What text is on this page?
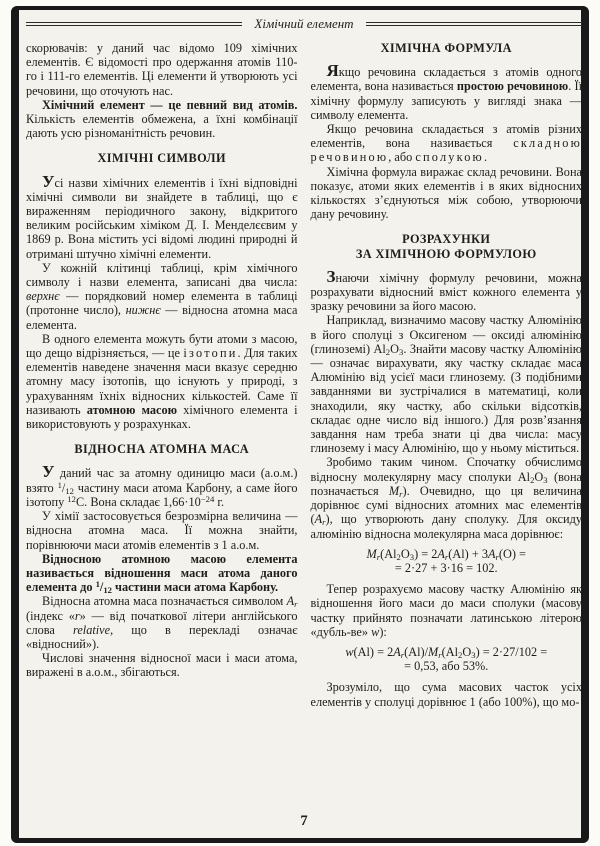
Хімічний елемент

скорювачів: у даний час відомо 109 хімічних елементів. Є відомості про одержання атомів 110-го і 111-го елементів. Ці елементи й утворюють усі речовини, що оточують нас.

Хімічний елемент — це певний вид атомів. Кількість елементів обмежена, а їхні комбінації дають усю різноманітність речовин.

ХІМІЧНІ СИМВОЛИ

Усі назви хімічних елементів і їхні відповідні хімічні символи ви знайдете в таблиці, що є вираженням періодичного закону, відкритого великим російським хіміком Д. І. Менделєєвим у 1869 р. Вона містить усі відомі людині природні й отримані штучно хімічні елементи.

У кожній клітинці таблиці, крім хімічного символу і назви елемента, записані два числа: верхнє — порядковий номер елемента в таблиці (протонне число), нижнє — відносна атомна маса елемента.

В одного елемента можуть бути атоми з масою, що дещо відрізняється, — це ізотопи. Для таких елементів наведене значення маси вказує середню атомну масу ізотопів, що існують у природі, з урахуванням їхніх відносних кількостей. Саме її називають атомною масою хімічного елемента і використовують у розрахунках.

ВІДНОСНА АТОМНА МАСА

У даний час за атомну одиницю маси (а.о.м.) взято $^1/_{12}$ частину маси атома Карбону, а саме його ізотопу $^{12}$C. Вона складає $1,66\cdot 10^{-24}$ г.

У хімії застосовується безрозмірна величина — відносна атомна маса. Її можна знайти, порівнюючи маси атомів елементів з 1 а.о.м.

Відносною атомною масою елемента називається відношення маси атома даного елемента до $^1/_{12}$ частини маси атома Карбону.

Відносна атомна маса позначається символом $A_r$ (індекс «r» — від початкової літери англійського слова relative, що в перекладі означає «відносний»).

Числові значення відносної маси і маси атома, виражені в а.о.м., збігаються.

ХІМІЧНА ФОРМУЛА

Якщо речовина складається з атомів одного елемента, вона називається простою речовиною. Її хімічну формулу записують у вигляді знака — символу елемента.

Якщо речовина складається з атомів різних елементів, вона називається складною речовиною, або сполукою.

Хімічна формула виражає склад речовини. Вона показує, атоми яких елементів і в яких відносних кількостях з’єднуються між собою, утворюючи дану речовину.

РОЗРАХУНКИ
ЗА ХІМІЧНОЮ ФОРМУЛОЮ

Знаючи хімічну формулу речовини, можна розрахувати відносний вміст кожного елемента у зразку речовини за його масою.

Наприклад, визначимо масову частку Алюмінію в його сполуці з Оксигеном — оксиді алюмінію (глиноземі) $Al_2O_3$. Знайти масову частку Алюмінію — означає вирахувати, яку частку складає маса Алюмінію від усієї маси глинозему. (З подібними завданнями ви зустрічалися в математиці, коли знаходили, яку частку, або скільки відсотків, складає одне число від іншого.) Для розв’язання завдання нам треба знати ці два числа: масу глинозему і масу Алюмінію, що у ньому міститься.

Зробимо таким чином. Спочатку обчислимо відносну молекулярну масу сполуки $Al_2O_3$ (вона позначається $M_r$). Очевидно, що ця величина дорівнює сумі відносних атомних мас елементів $(A_r)$, що утворюють дану сполуку. Для оксиду алюмінію відносна молекулярна маса дорівнює:

$M_r(Al_2O_3) = 2A_r(Al) + 3A_r(O)$ =
= 2·27 + 3·16 = 102.

Тепер розрахуємо масову частку Алюмінію як відношення його маси до маси сполуки (масову частку прийнято позначати латинською літерою «дубль-ве» w):

$w(Al) = 2A_r(Al)/M_r(Al_2O_3) = 2\cdot 27/102$ =
= 0,53, або 53%.

Зрозуміло, що сума масових часток усіх елементів у сполуці дорівнює 1 (або 100%), що мо-

7
